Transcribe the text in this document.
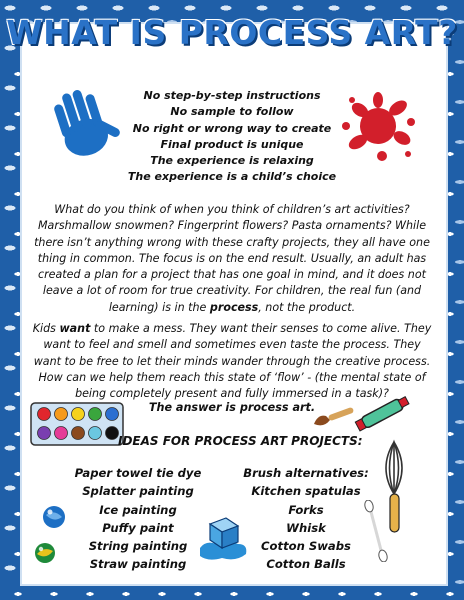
WHAT IS PROCESS ART?
No step-by-step instructions
No sample to follow
No right or wrong way to create
Final product is unique
The experience is relaxing
The experience is a child’s choice
What do you think of when you think of children’s art activities? Marshmallow snowmen? Fingerprint flowers? Pasta ornaments? While there isn’t anything wrong with these crafty projects, they all have one thing in common. The focus is on the end result. Usually, an adult has created a plan for a project that has one goal in mind, and it does not leave a lot of room for true creativity. For children, the real fun (and learning) is in the process, not the product.
Kids want to make a mess. They want their senses to come alive. They want to feel and smell and sometimes even taste the process. They want to be free to let their minds wander through the creative process. How can we help them reach this state of ‘flow’ - (the mental state of being completely present and fully immersed in a task)?
The answer is process art.
IDEAS FOR PROCESS ART PROJECTS:
Paper towel tie dye
Splatter painting
Ice painting
Puffy paint
String painting
Straw painting
Brush alternatives:
Kitchen spatulas
Forks
Whisk
Cotton Swabs
Cotton Balls
